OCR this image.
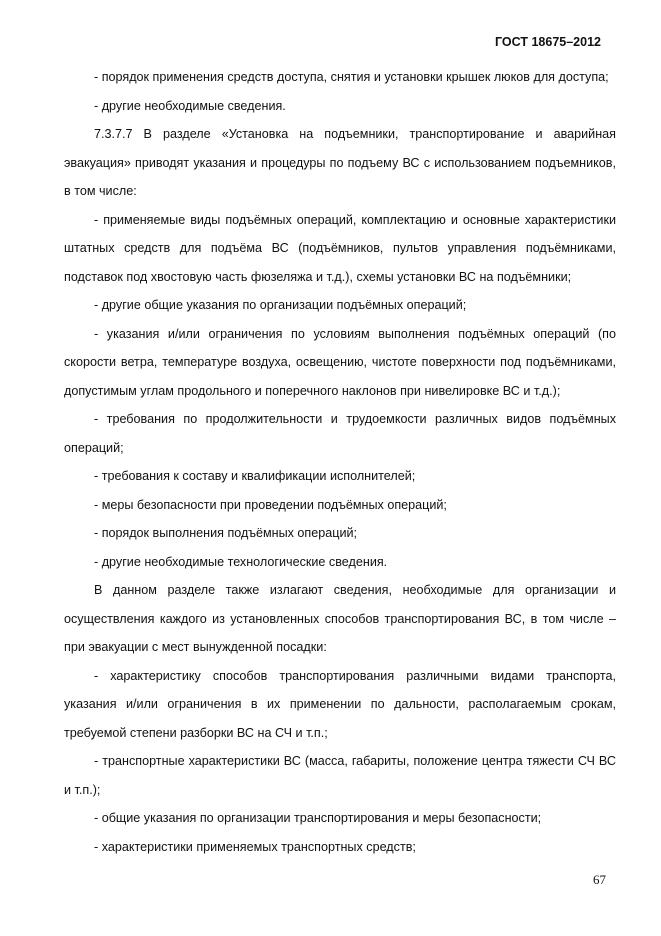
ГОСТ 18675–2012

- порядок применения средств доступа, снятия и установки крышек люков для доступа;

- другие необходимые сведения.

7.3.7.7 В разделе «Установка на подъемники, транспортирование и аварийная эвакуация» приводят указания и процедуры по подъему ВС с использованием подъемников, в том числе:

- применяемые виды подъёмных операций, комплектацию и основные характеристики штатных средств для подъёма ВС (подъёмников, пультов управления подъёмниками, подставок под хвостовую часть фюзеляжа и т.д.), схемы установки ВС на подъёмники;

- другие общие указания по организации подъёмных операций;

- указания и/или ограничения по условиям выполнения подъёмных операций (по скорости ветра, температуре воздуха, освещению, чистоте поверхности под подъёмниками, допустимым углам продольного и поперечного наклонов при нивелировке ВС и т.д.);

- требования по продолжительности и трудоемкости различных видов подъёмных операций;

- требования к составу и квалификации исполнителей;

- меры безопасности при проведении подъёмных операций;

- порядок выполнения подъёмных операций;

- другие необходимые технологические сведения.

В данном разделе также излагают сведения, необходимые для организации и осуществления каждого из установленных способов транспортирования ВС, в том числе – при эвакуации с мест вынужденной посадки:

- характеристику способов транспортирования различными видами транспорта, указания и/или ограничения в их применении по дальности, располагаемым срокам, требуемой степени разборки ВС на СЧ и т.п.;

- транспортные характеристики ВС (масса, габариты, положение центра тяжести СЧ ВС и т.п.);

- общие указания по организации транспортирования и меры безопасности;

- характеристики применяемых транспортных средств;

67
